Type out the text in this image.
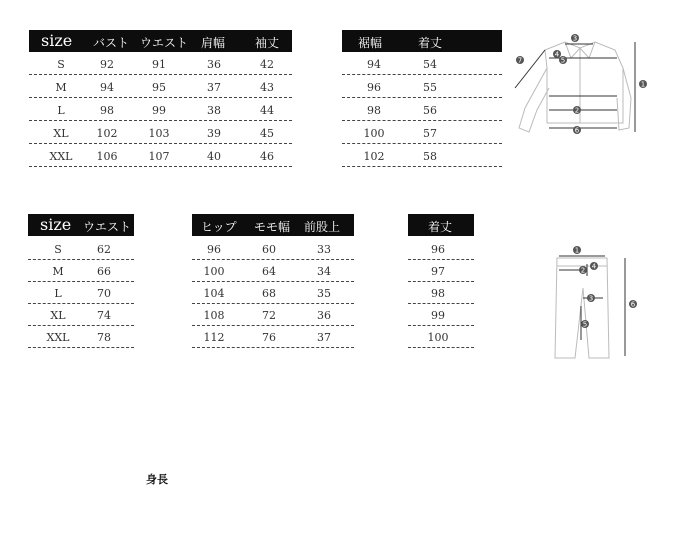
size バスト ウエスト 肩幅 袖丈
S	92	91	36	42
M	94	95	37	43
L	98	99	38	44
XL	102	103	39	45
XXL	106	107	40	46
裾幅	着丈
94	54
96	55
98	56
100	57
102	58
size ウエスト
S	62
M	66
L	70
XL	74
XXL	78
ヒップ モモ幅 前股上
96	60	33
100	64	34
104	68	35
108	72	36
112	76	37
着丈
96
97
98
99
100
3
4
5
2
6
7
1
1
2 4
3
5
6
身長
